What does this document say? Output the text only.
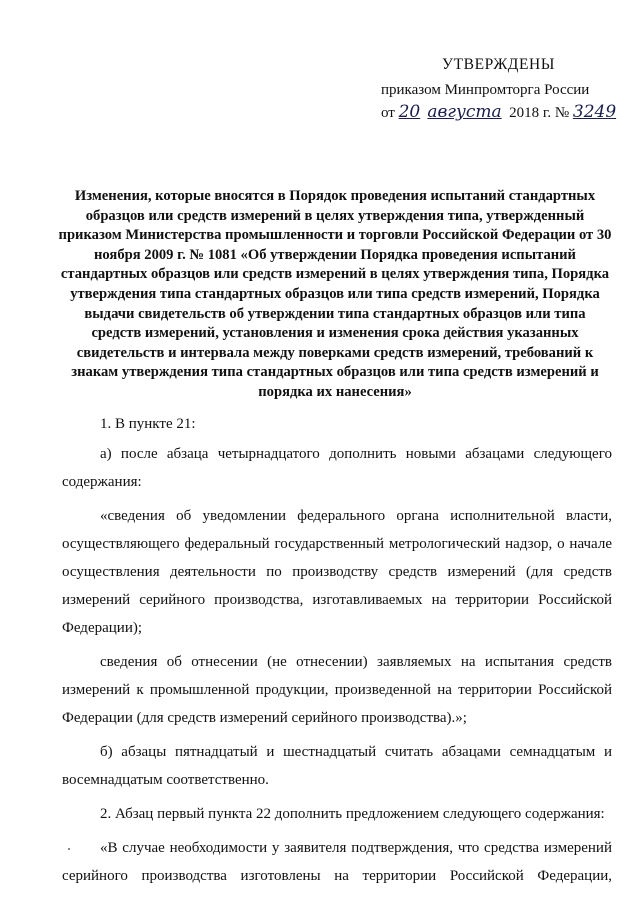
УТВЕРЖДЕНЫ
приказом Минпромторга России
от 20 августа 2018 г. № 3249
Изменения, которые вносятся в Порядок проведения испытаний стандартных образцов или средств измерений в целях утверждения типа, утвержденный приказом Министерства промышленности и торговли Российской Федерации от 30 ноября 2009 г. № 1081 «Об утверждении Порядка проведения испытаний стандартных образцов или средств измерений в целях утверждения типа, Порядка утверждения типа стандартных образцов или типа средств измерений, Порядка выдачи свидетельств об утверждении типа стандартных образцов или типа средств измерений, установления и изменения срока действия указанных свидетельств и интервала между поверками средств измерений, требований к знакам утверждения типа стандартных образцов или типа средств измерений и порядка их нанесения»

1. В пункте 21:

а) после абзаца четырнадцатого дополнить новыми абзацами следующего содержания:

«сведения об уведомлении федерального органа исполнительной власти, осуществляющего федеральный государственный метрологический надзор, о начале осуществления деятельности по производству средств измерений (для средств измерений серийного производства, изготавливаемых на территории Российской Федерации);

сведения об отнесении (не отнесении) заявляемых на испытания средств измерений к промышленной продукции, произведенной на территории Российской Федерации (для средств измерений серийного производства).»;

б) абзацы пятнадцатый и шестнадцатый считать абзацами семнадцатым и восемнадцатым соответственно.

2. Абзац первый пункта 22 дополнить предложением следующего содержания:

«В случае необходимости у заявителя подтверждения, что средства измерений серийного производства изготовлены на территории Российской Федерации,
